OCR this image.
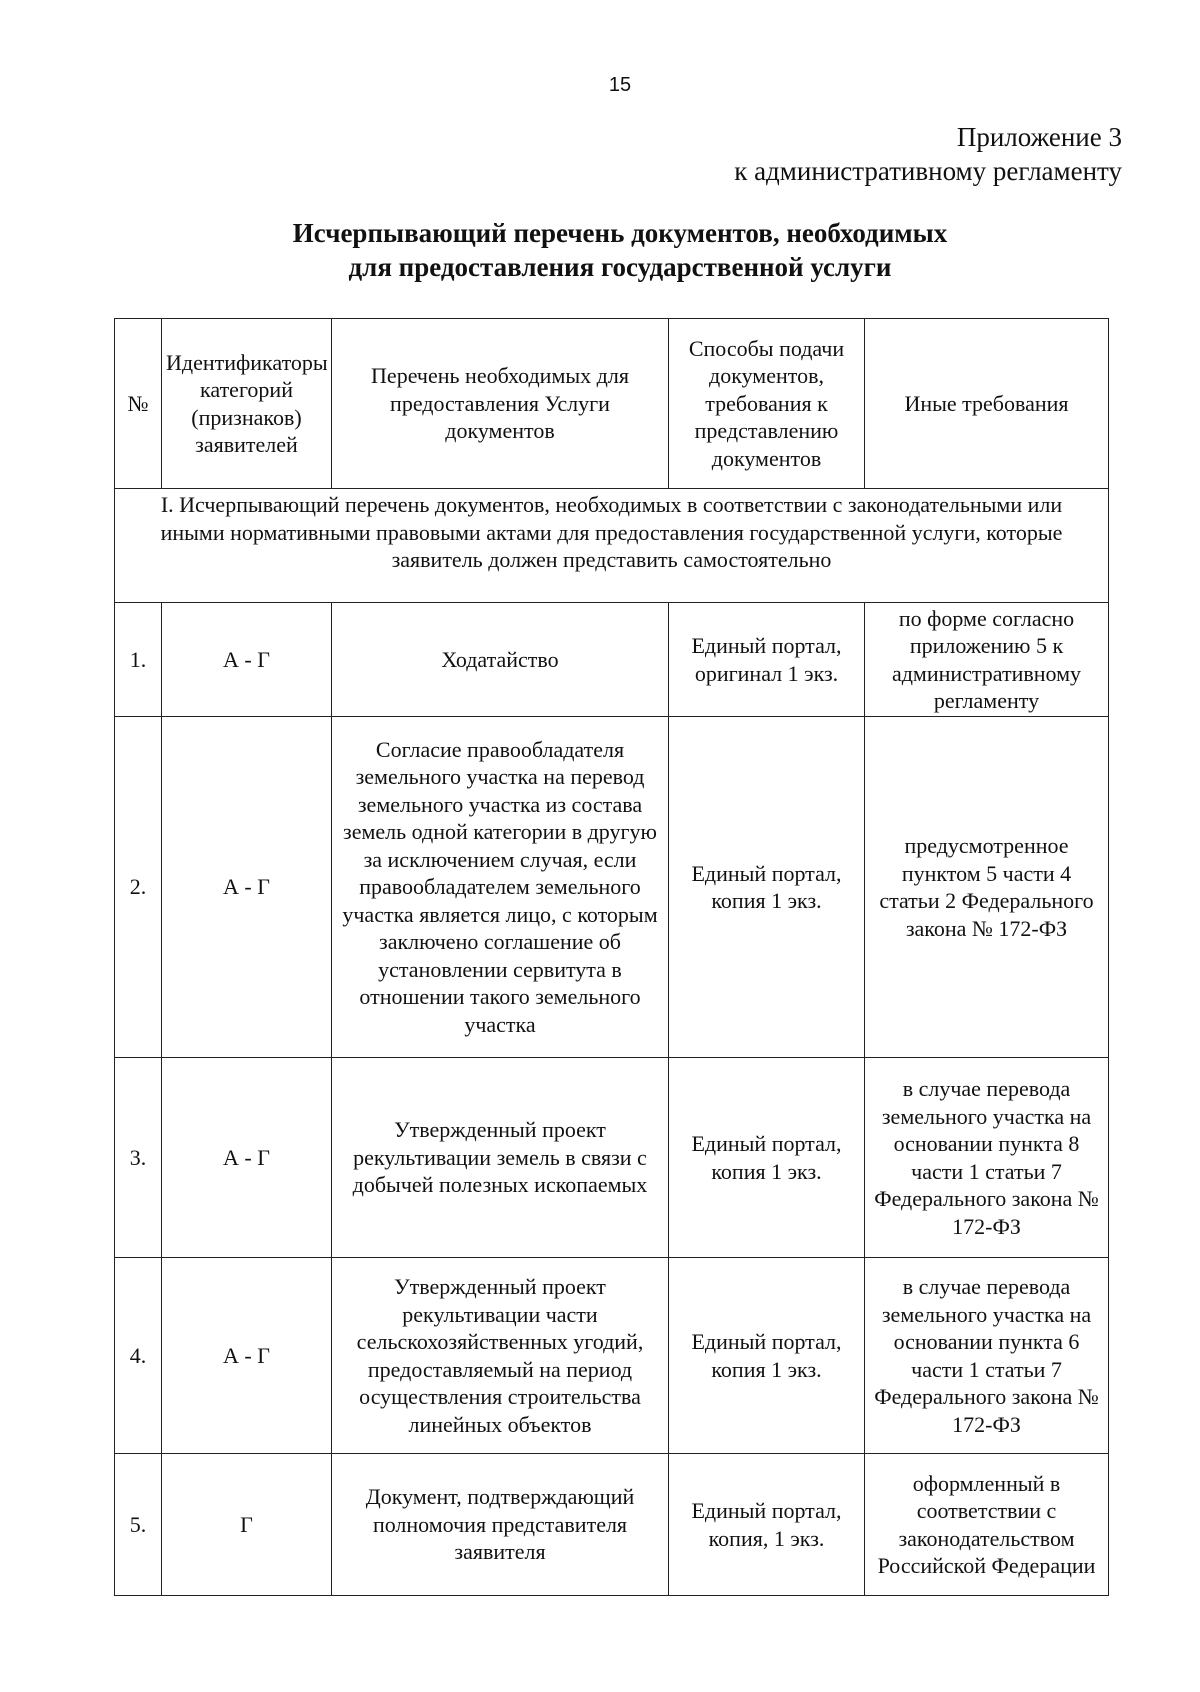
15
Приложение 3
к административному регламенту
Исчерпывающий перечень документов, необходимых
для предоставления государственной услуги
№	Идентификаторы категорий (признаков) заявителей	Перечень необходимых для предоставления Услуги документов	Способы подачи документов, требования к представлению документов	Иные требования
I. Исчерпывающий перечень документов, необходимых в соответствии с законодательными или иными нормативными правовыми актами для предоставления государственной услуги, которые заявитель должен представить самостоятельно				
1.	А - Г	Ходатайство	Единый портал, оригинал 1 экз.	по форме согласно приложению 5 к административному регламенту
2.	А - Г	Согласие правообладателя земельного участка на перевод земельного участка из состава земель одной категории в другую за исключением случая, если правообладателем земельного участка является лицо, с которым заключено соглашение об установлении сервитута в отношении такого земельного участка	Единый портал, копия 1 экз.	предусмотренное пунктом 5 части 4 статьи 2 Федерального закона № 172-ФЗ
3.	А - Г	Утвержденный проект рекультивации земель в связи с добычей полезных ископаемых	Единый портал, копия 1 экз.	в случае перевода земельного участка на основании пункта 8 части 1 статьи 7 Федерального закона № 172-ФЗ
4.	А - Г	Утвержденный проект рекультивации части сельскохозяйственных угодий, предоставляемый на период осуществления строительства линейных объектов	Единый портал, копия 1 экз.	в случае перевода земельного участка на основании пункта 6 части 1 статьи 7 Федерального закона № 172-ФЗ
5.	Г	Документ, подтверждающий полномочия представителя заявителя	Единый портал, копия, 1 экз.	оформленный в соответствии с законодательством Российской Федерации
